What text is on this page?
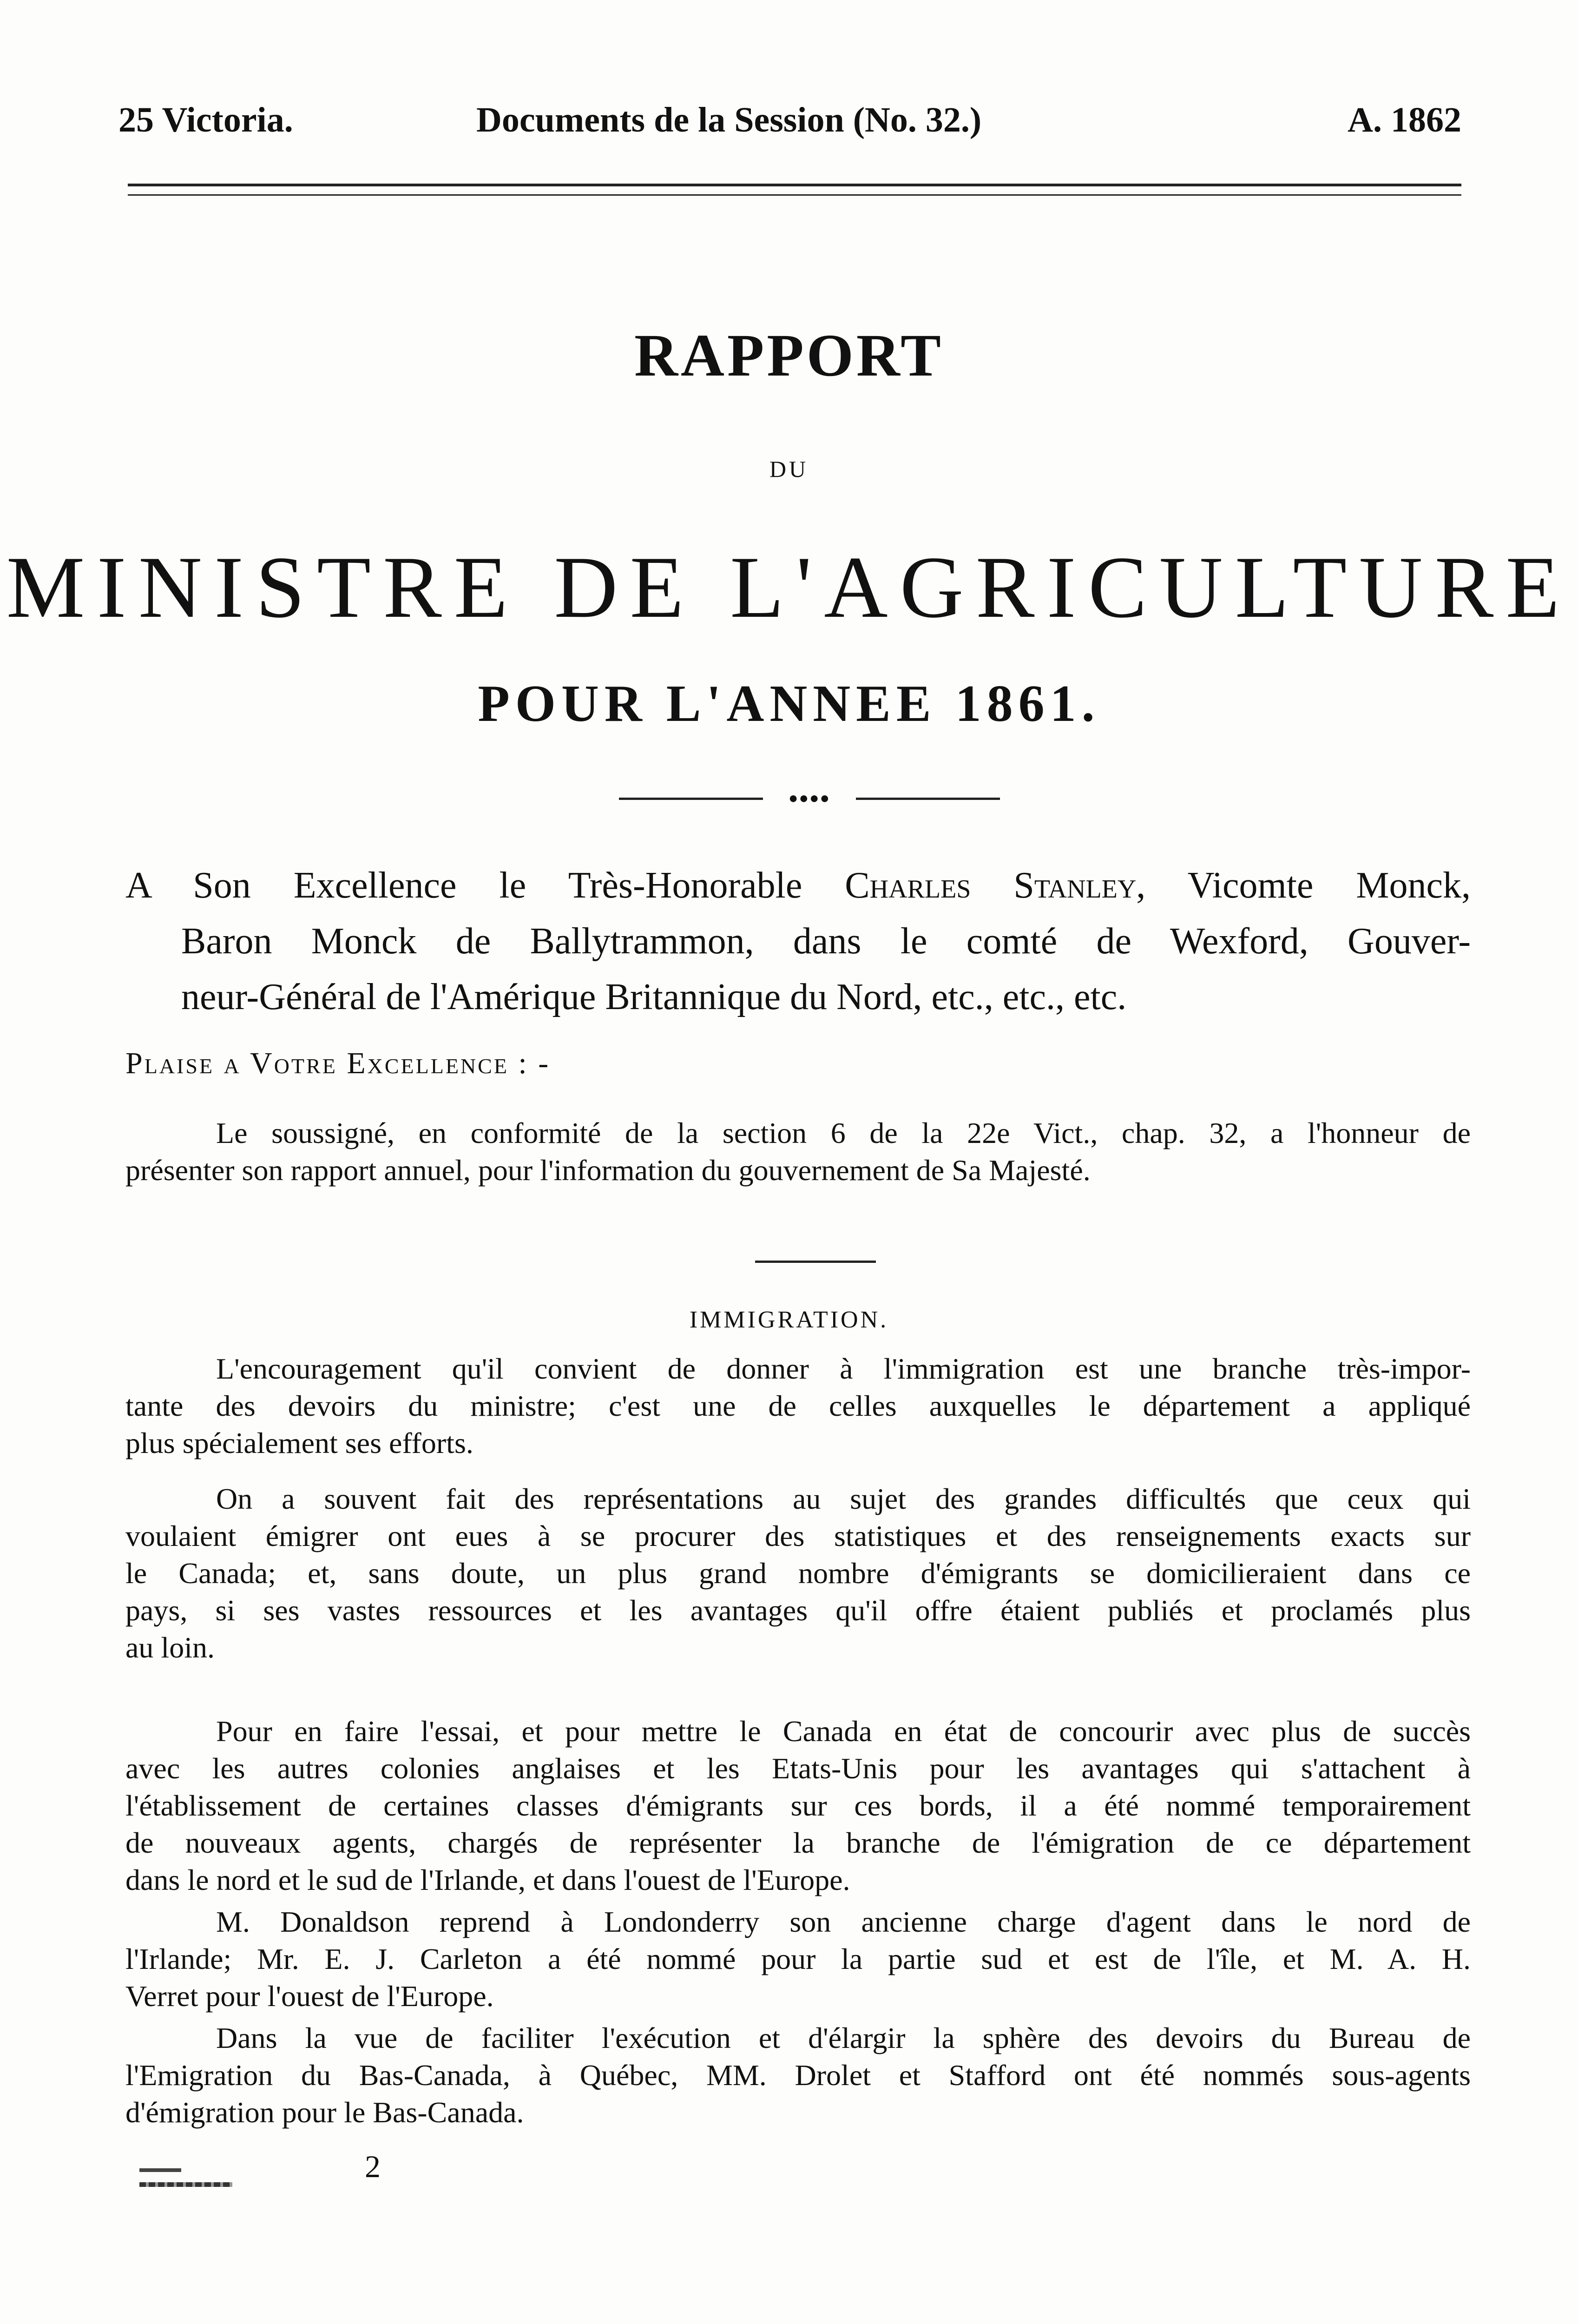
25 Victoria.	Documents de la Session (No. 32.)	A. 1862
RAPPORT
DU
MINISTRE DE L'AGRICULTURE
POUR L'ANNEE 1861.
●●●●
A Son Excellence le Très-Honorable Charles Stanley, Vicomte Monck,
Baron Monck de Ballytrammon, dans le comté de Wexford, Gouver-
neur-Général de l'Amérique Britannique du Nord, etc., etc., etc.
Plaise a Votre Excellence : -
Le soussigné, en conformité de la section 6 de la 22e Vict., chap. 32, a l'honneur de
présenter son rapport annuel, pour l'information du gouvernement de Sa Majesté.
IMMIGRATION.
L'encouragement qu'il convient de donner à l'immigration est une branche très-impor-
tante des devoirs du ministre; c'est une de celles auxquelles le département a appliqué
plus spécialement ses efforts.
On a souvent fait des représentations au sujet des grandes difficultés que ceux qui
voulaient émigrer ont eues à se procurer des statistiques et des renseignements exacts sur
le Canada; et, sans doute, un plus grand nombre d'émigrants se domicilieraient dans ce
pays, si ses vastes ressources et les avantages qu'il offre étaient publiés et proclamés plus
au loin.
Pour en faire l'essai, et pour mettre le Canada en état de concourir avec plus de succès
avec les autres colonies anglaises et les Etats-Unis pour les avantages qui s'attachent à
l'établissement de certaines classes d'émigrants sur ces bords, il a été nommé temporairement
de nouveaux agents, chargés de représenter la branche de l'émigration de ce département
dans le nord et le sud de l'Irlande, et dans l'ouest de l'Europe.
M. Donaldson reprend à Londonderry son ancienne charge d'agent dans le nord de
l'Irlande; Mr. E. J. Carleton a été nommé pour la partie sud et est de l'île, et M. A. H.
Verret pour l'ouest de l'Europe.
Dans la vue de faciliter l'exécution et d'élargir la sphère des devoirs du Bureau de
l'Emigration du Bas-Canada, à Québec, MM. Drolet et Stafford ont été nommés sous-agents
d'émigration pour le Bas-Canada.
2
